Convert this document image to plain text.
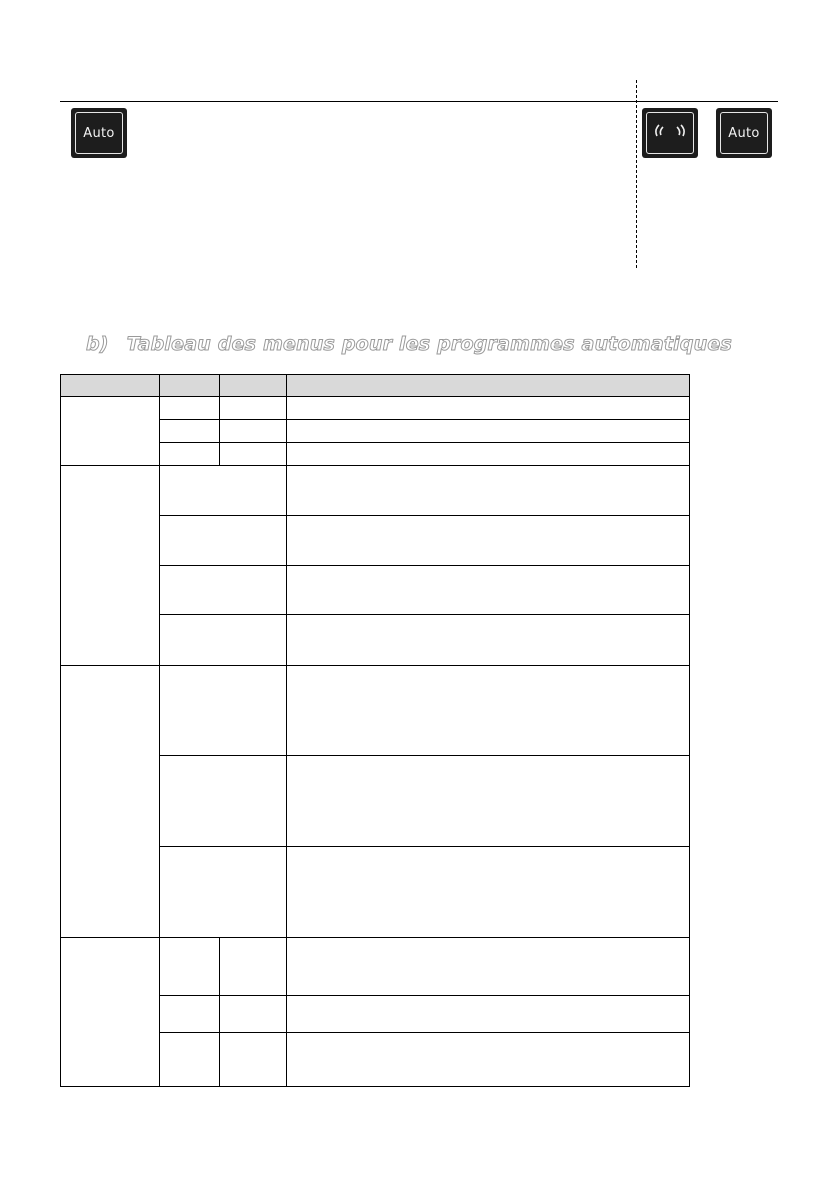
Auto	Auto
b) Tableau des menus pour les programmes automatiques
